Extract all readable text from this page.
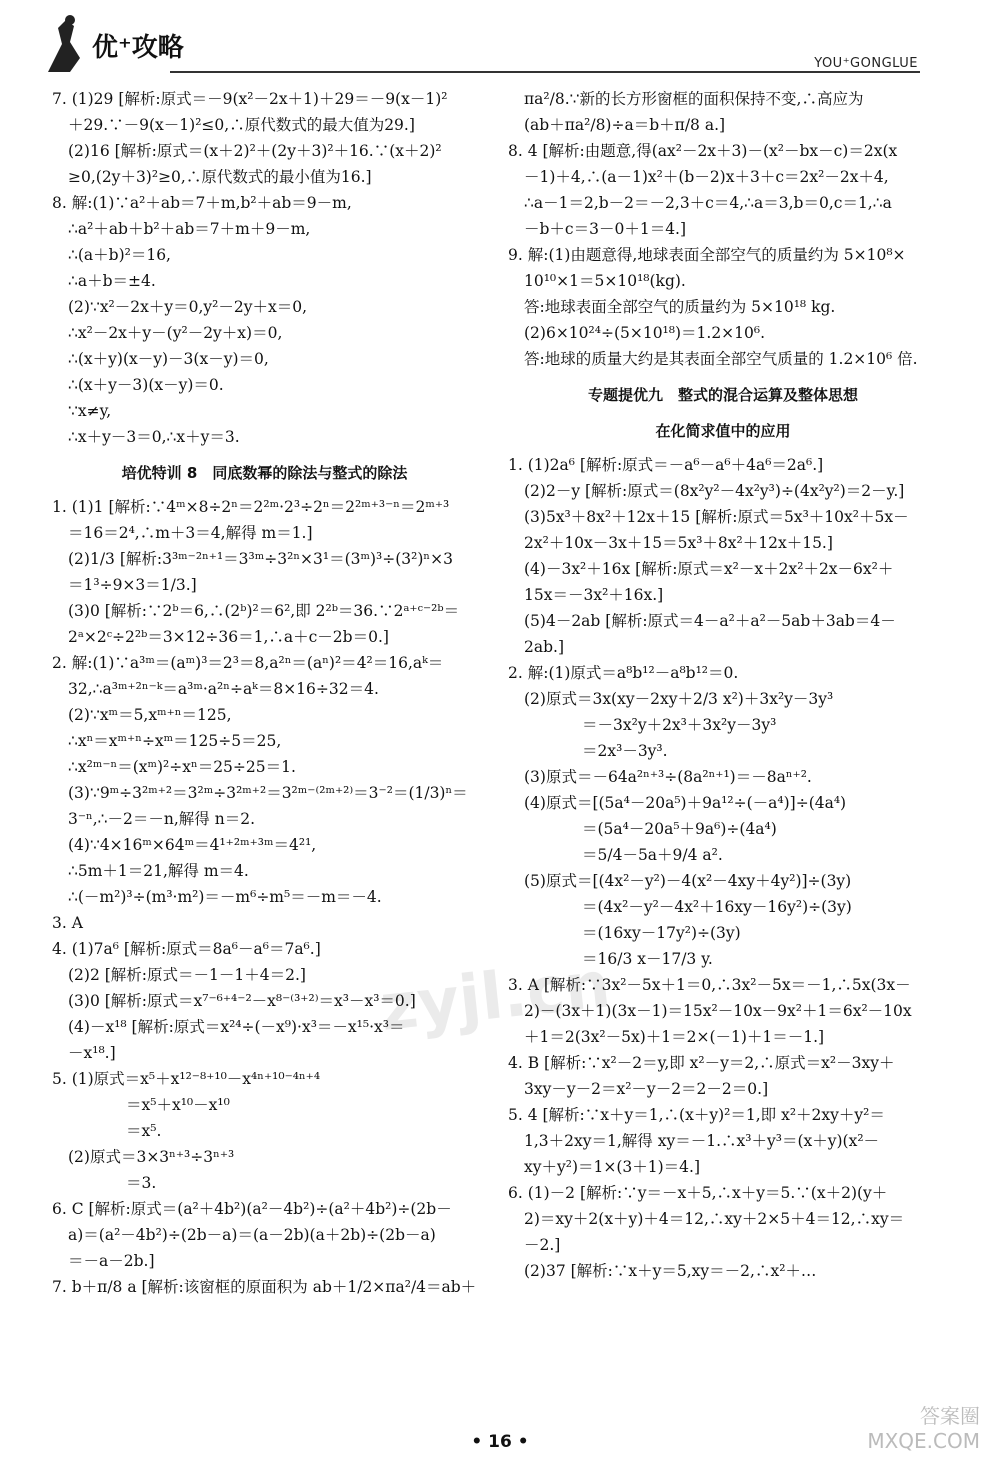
优⁺攻略
YOU⁺GONGLUE
7. (1)29 [解析:原式＝－9(x²－2x＋1)＋29＝－9(x－1)²
＋29.∵－9(x－1)²≤0,∴原代数式的最大值为29.]
(2)16 [解析:原式＝(x＋2)²＋(2y＋3)²＋16.∵(x＋2)²
≥0,(2y＋3)²≥0,∴原代数式的最小值为16.]
8. 解:(1)∵a²＋ab＝7＋m,b²＋ab＝9－m,
∴a²＋ab＋b²＋ab＝7＋m＋9－m,
∴(a＋b)²＝16,
∴a＋b＝±4.
(2)∵x²－2x＋y＝0,y²－2y＋x＝0,
∴x²－2x＋y－(y²－2y＋x)＝0,
∴(x＋y)(x－y)－3(x－y)＝0,
∴(x＋y－3)(x－y)＝0.
∵x≠y,
∴x＋y－3＝0,∴x＋y＝3.
培优特训 8　同底数幂的除法与整式的除法
1. (1)1 [解析:∵4ᵐ×8÷2ⁿ＝2²ᵐ·2³÷2ⁿ＝2²ᵐ⁺³⁻ⁿ＝2ᵐ⁺³
＝16＝2⁴,∴m＋3＝4,解得 m＝1.]
(2)1/3 [解析:3³ᵐ⁻²ⁿ⁺¹＝3³ᵐ÷3²ⁿ×3¹＝(3ᵐ)³÷(3²)ⁿ×3
＝1³÷9×3＝1/3.]
(3)0 [解析:∵2ᵇ＝6,∴(2ᵇ)²＝6²,即 2²ᵇ＝36.∵2ᵃ⁺ᶜ⁻²ᵇ＝
2ᵃ×2ᶜ÷2²ᵇ＝3×12÷36＝1,∴a＋c－2b＝0.]
2. 解:(1)∵a³ᵐ＝(aᵐ)³＝2³＝8,a²ⁿ＝(aⁿ)²＝4²＝16,aᵏ＝
32,∴a³ᵐ⁺²ⁿ⁻ᵏ＝a³ᵐ·a²ⁿ÷aᵏ＝8×16÷32＝4.
(2)∵xᵐ＝5,xᵐ⁺ⁿ＝125,
∴xⁿ＝xᵐ⁺ⁿ÷xᵐ＝125÷5＝25,
∴x²ᵐ⁻ⁿ＝(xᵐ)²÷xⁿ＝25÷25＝1.
(3)∵9ᵐ÷3²ᵐ⁺²＝3²ᵐ÷3²ᵐ⁺²＝3²ᵐ⁻⁽²ᵐ⁺²⁾＝3⁻²＝(1/3)ⁿ＝
3⁻ⁿ,∴－2＝－n,解得 n＝2.
(4)∵4×16ᵐ×64ᵐ＝4¹⁺²ᵐ⁺³ᵐ＝4²¹,
∴5m＋1＝21,解得 m＝4.
∴(－m²)³÷(m³·m²)＝－m⁶÷m⁵＝－m＝－4.
3. A
4. (1)7a⁶ [解析:原式＝8a⁶－a⁶＝7a⁶.]
(2)2 [解析:原式＝－1－1＋4＝2.]
(3)0 [解析:原式＝x⁷⁻⁶⁺⁴⁻²－x⁸⁻⁽³⁺²⁾＝x³－x³＝0.]
(4)－x¹⁸ [解析:原式＝x²⁴÷(－x⁹)·x³＝－x¹⁵·x³＝
－x¹⁸.]
5. (1)原式＝x⁵＋x¹²⁻⁸⁺¹⁰－x⁴ⁿ⁺¹⁰⁻⁴ⁿ⁺⁴
＝x⁵＋x¹⁰－x¹⁰
＝x⁵.
(2)原式＝3×3ⁿ⁺³÷3ⁿ⁺³
＝3.
6. C [解析:原式＝(a²＋4b²)(a²－4b²)÷(a²＋4b²)÷(2b－
a)＝(a²－4b²)÷(2b－a)＝(a－2b)(a＋2b)÷(2b－a)
＝－a－2b.]
7. b＋π/8 a [解析:该窗框的原面积为 ab＋1/2×πa²/4＝ab＋
πa²/8.∵新的长方形窗框的面积保持不变,∴高应为
(ab＋πa²/8)÷a＝b＋π/8 a.]
8. 4 [解析:由题意,得(ax²－2x＋3)－(x²－bx－c)＝2x(x
－1)＋4,∴(a－1)x²＋(b－2)x＋3＋c＝2x²－2x＋4,
∴a－1＝2,b－2＝－2,3＋c＝4,∴a＝3,b＝0,c＝1,∴a
－b＋c＝3－0＋1＝4.]
9. 解:(1)由题意得,地球表面全部空气的质量约为 5×10⁸×
10¹⁰×1＝5×10¹⁸(kg).
答:地球表面全部空气的质量约为 5×10¹⁸ kg.
(2)6×10²⁴÷(5×10¹⁸)＝1.2×10⁶.
答:地球的质量大约是其表面全部空气质量的 1.2×10⁶ 倍.
专题提优九　整式的混合运算及整体思想
在化简求值中的应用
1. (1)2a⁶ [解析:原式＝－a⁶－a⁶＋4a⁶＝2a⁶.]
(2)2－y [解析:原式＝(8x²y²－4x²y³)÷(4x²y²)＝2－y.]
(3)5x³＋8x²＋12x＋15 [解析:原式＝5x³＋10x²＋5x－
2x²＋10x－3x＋15＝5x³＋8x²＋12x＋15.]
(4)－3x²＋16x [解析:原式＝x²－x＋2x²＋2x－6x²＋
15x＝－3x²＋16x.]
(5)4－2ab [解析:原式＝4－a²＋a²－5ab＋3ab＝4－
2ab.]
2. 解:(1)原式＝a⁸b¹²－a⁸b¹²＝0.
(2)原式＝3x(xy－2xy＋2/3 x²)＋3x²y－3y³
＝－3x²y＋2x³＋3x²y－3y³
＝2x³－3y³.
(3)原式＝－64a²ⁿ⁺³÷(8a²ⁿ⁺¹)＝－8aⁿ⁺².
(4)原式＝[(5a⁴－20a⁵)＋9a¹²÷(－a⁴)]÷(4a⁴)
＝(5a⁴－20a⁵＋9a⁶)÷(4a⁴)
＝5/4－5a＋9/4 a².
(5)原式＝[(4x²－y²)－4(x²－4xy＋4y²)]÷(3y)
＝(4x²－y²－4x²＋16xy－16y²)÷(3y)
＝(16xy－17y²)÷(3y)
＝16/3 x－17/3 y.
3. A [解析:∵3x²－5x＋1＝0,∴3x²－5x＝－1,∴5x(3x－
2)－(3x＋1)(3x－1)＝15x²－10x－9x²＋1＝6x²－10x
＋1＝2(3x²－5x)＋1＝2×(－1)＋1＝－1.]
4. B [解析:∵x²－2＝y,即 x²－y＝2,∴原式＝x²－3xy＋
3xy－y－2＝x²－y－2＝2－2＝0.]
5. 4 [解析:∵x＋y＝1,∴(x＋y)²＝1,即 x²＋2xy＋y²＝
1,3＋2xy＝1,解得 xy＝－1.∴x³＋y³＝(x＋y)(x²－
xy＋y²)＝1×(3＋1)＝4.]
6. (1)－2 [解析:∵y＝－x＋5,∴x＋y＝5.∵(x＋2)(y＋
2)＝xy＋2(x＋y)＋4＝12,∴xy＋2×5＋4＝12,∴xy＝
－2.]
(2)37 [解析:∵x＋y＝5,xy＝－2,∴x²＋…
zyjl.cn
答案圈
MXQE.COM
• 16 •
